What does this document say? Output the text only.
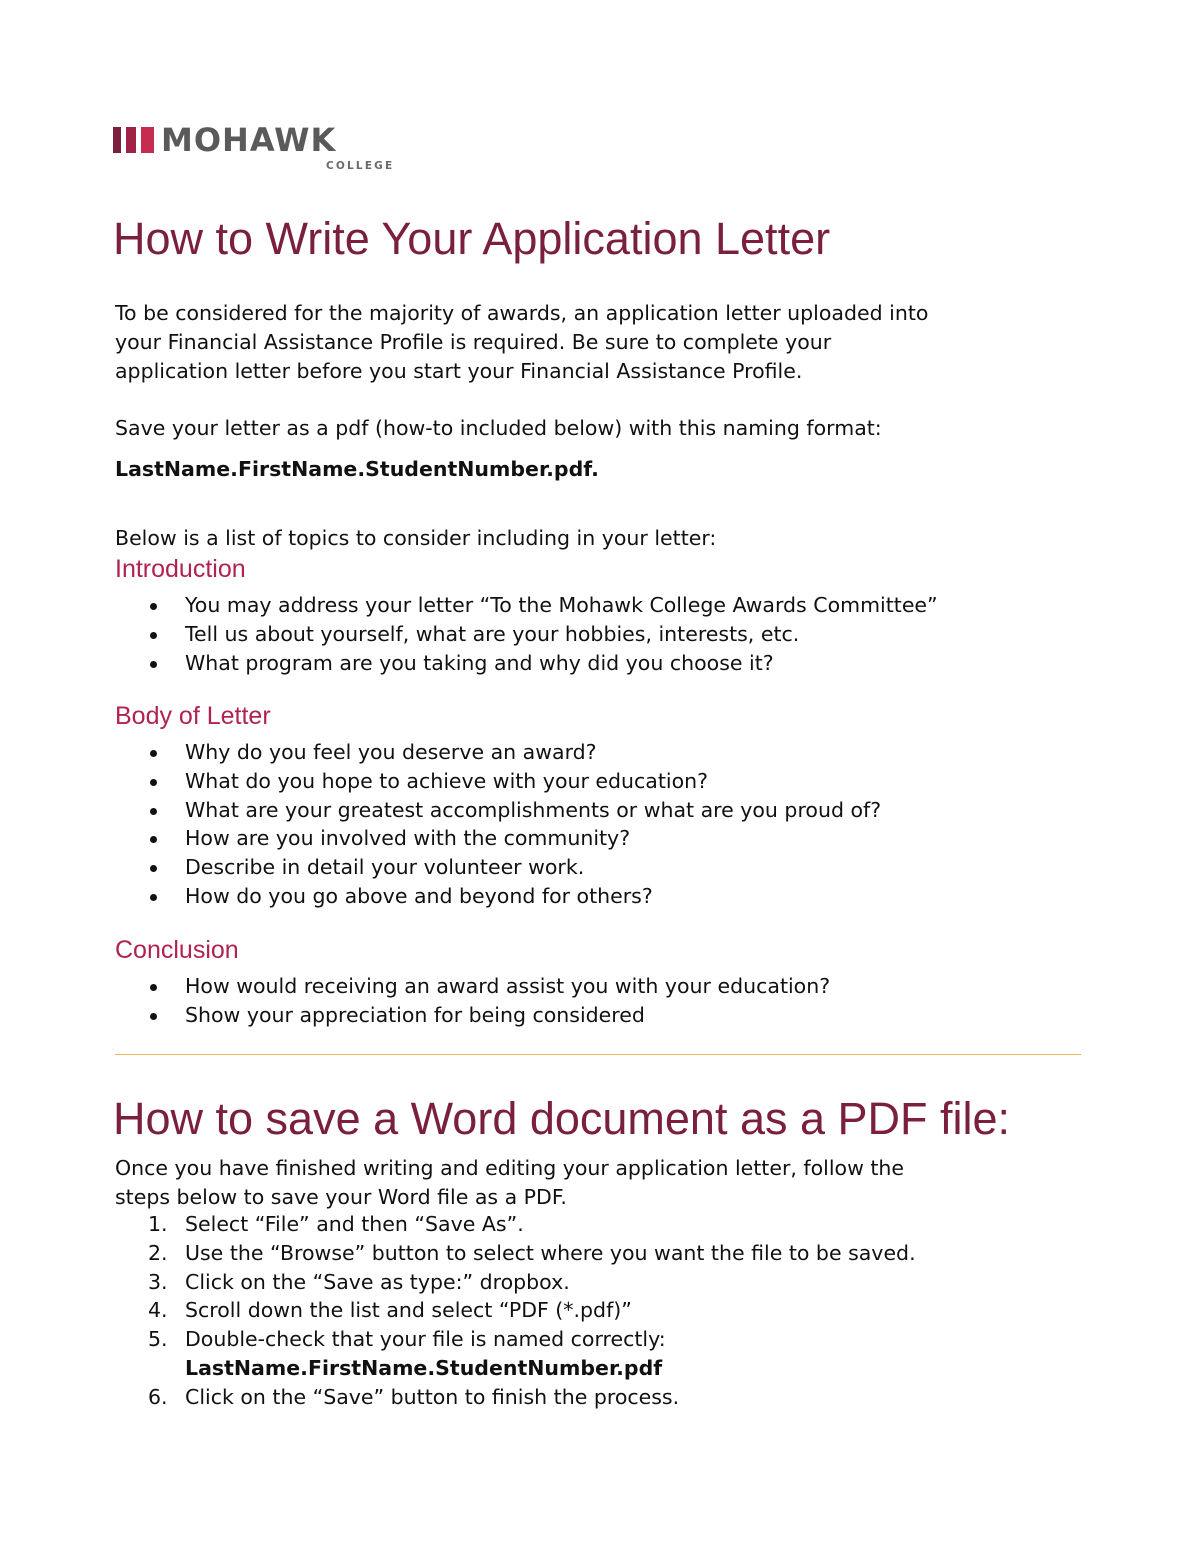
MOHAWK
COLLEGE
How to Write Your Application Letter

To be considered for the majority of awards, an application letter uploaded into
your Financial Assistance Profile is required. Be sure to complete your
application letter before you start your Financial Assistance Profile.

Save your letter as a pdf (how-to included below) with this naming format:

LastName.FirstName.StudentNumber.pdf.

Below is a list of topics to consider including in your letter:

Introduction
You may address your letter “To the Mohawk College Awards Committee”
Tell us about yourself, what are your hobbies, interests, etc.
What program are you taking and why did you choose it?
Body of Letter
Why do you feel you deserve an award?
What do you hope to achieve with your education?
What are your greatest accomplishments or what are you proud of?
How are you involved with the community?
Describe in detail your volunteer work.
How do you go above and beyond for others?
Conclusion
How would receiving an award assist you with your education?
Show your appreciation for being considered
How to save a Word document as a PDF file:

Once you have finished writing and editing your application letter, follow the
steps below to save your Word file as a PDF.

1. Select “File” and then “Save As”.
2. Use the “Browse” button to select where you want the file to be saved.
3. Click on the “Save as type:” dropbox.
4. Scroll down the list and select “PDF (*.pdf)”
5. Double-check that your file is named correctly:
LastName.FirstName.StudentNumber.pdf
6. Click on the “Save” button to finish the process.
